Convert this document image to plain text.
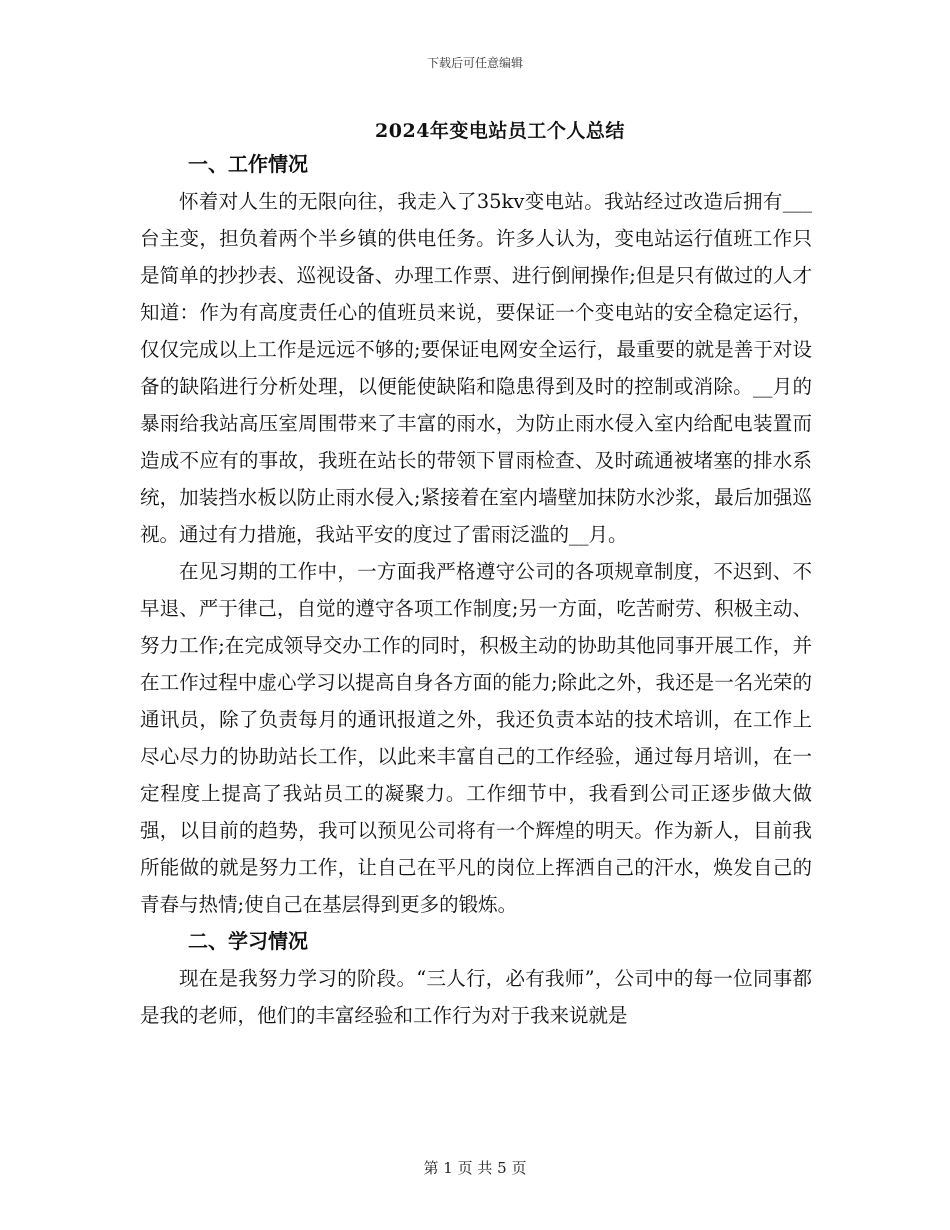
下载后可任意编辑
2024年变电站员工个人总结

一、工作情况

怀着对人生的无限向往，我走入了35kv变电站。我站经过改造后拥有___台主变，担负着两个半乡镇的供电任务。许多人认为，变电站运行值班工作只是简单的抄抄表、巡视设备、办理工作票、进行倒闸操作;但是只有做过的人才知道：作为有高度责任心的值班员来说，要保证一个变电站的安全稳定运行，仅仅完成以上工作是远远不够的;要保证电网安全运行，最重要的就是善于对设备的缺陷进行分析处理，以便能使缺陷和隐患得到及时的控制或消除。__月的暴雨给我站高压室周围带来了丰富的雨水，为防止雨水侵入室内给配电装置而造成不应有的事故，我班在站长的带领下冒雨检查、及时疏通被堵塞的排水系统，加装挡水板以防止雨水侵入;紧接着在室内墙壁加抹防水沙浆，最后加强巡视。通过有力措施，我站平安的度过了雷雨泛滥的__月。

在见习期的工作中，一方面我严格遵守公司的各项规章制度，不迟到、不早退、严于律己，自觉的遵守各项工作制度;另一方面，吃苦耐劳、积极主动、努力工作;在完成领导交办工作的同时，积极主动的协助其他同事开展工作，并在工作过程中虚心学习以提高自身各方面的能力;除此之外，我还是一名光荣的通讯员，除了负责每月的通讯报道之外，我还负责本站的技术培训，在工作上尽心尽力的协助站长工作，以此来丰富自己的工作经验，通过每月培训，在一定程度上提高了我站员工的凝聚力。工作细节中，我看到公司正逐步做大做强，以目前的趋势，我可以预见公司将有一个辉煌的明天。作为新人，目前我所能做的就是努力工作，让自己在平凡的岗位上挥洒自己的汗水，焕发自己的青春与热情;使自己在基层得到更多的锻炼。

二、学习情况

现在是我努力学习的阶段。“三人行，必有我师”，公司中的每一位同事都是我的老师，他们的丰富经验和工作行为对于我来说就是

第 1 页 共 5 页
